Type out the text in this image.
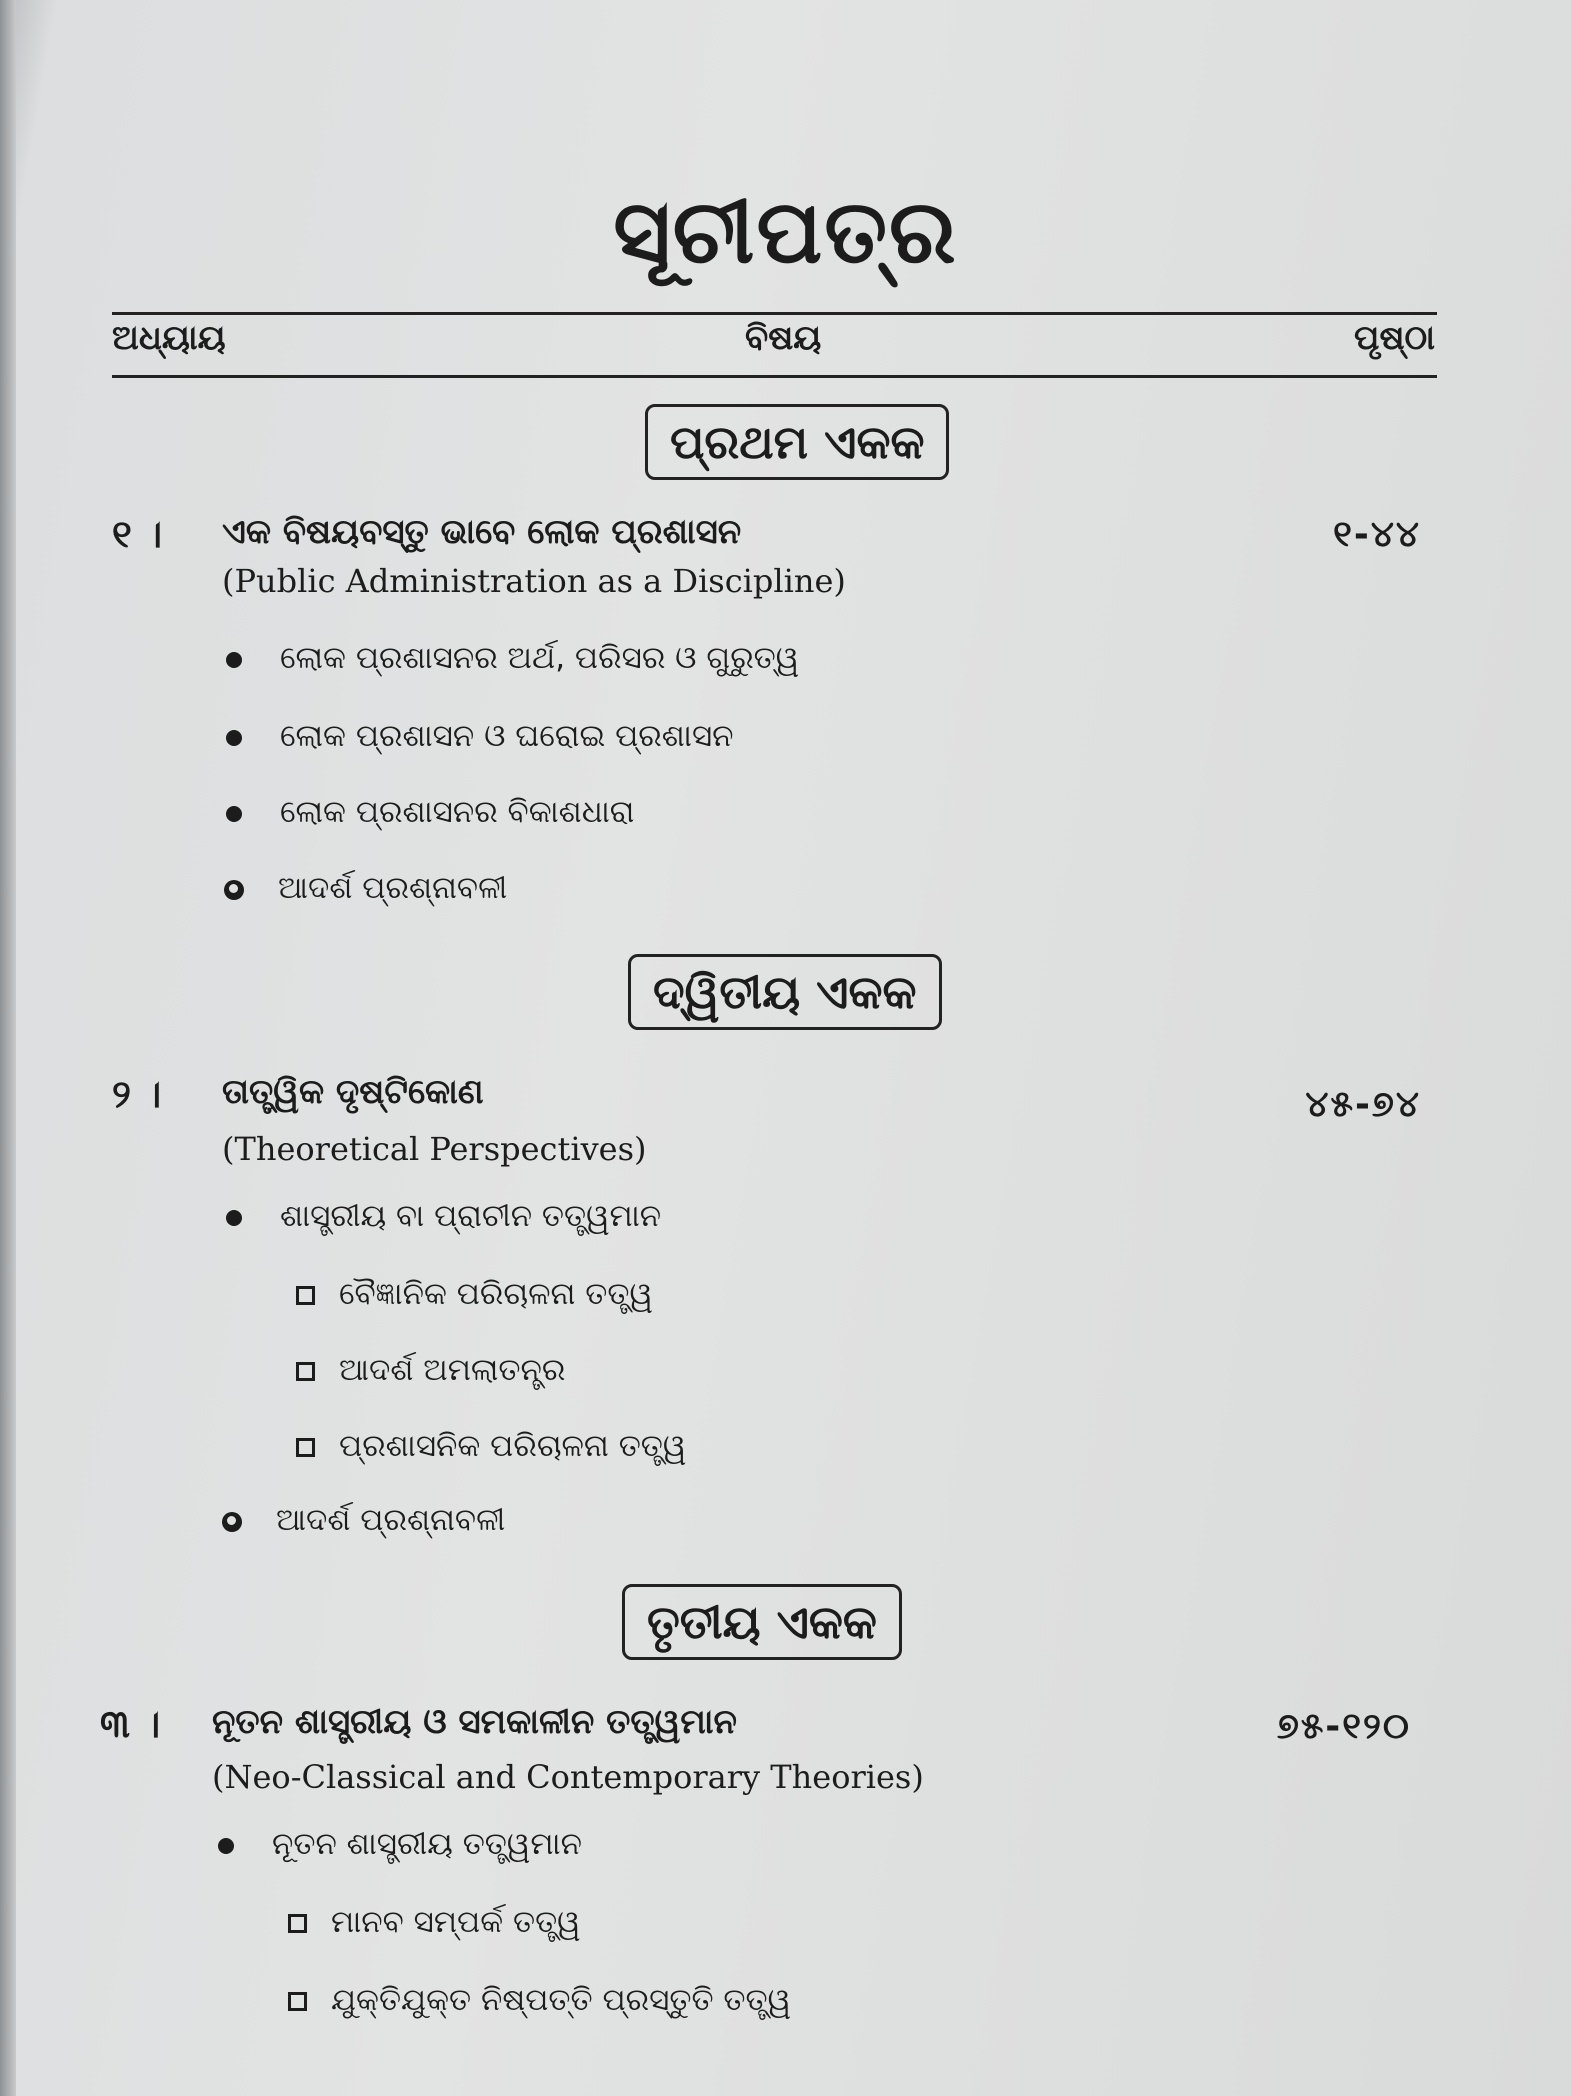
ସୂଚୀପତ୍ର
ଅଧ୍ୟାୟ	ବିଷୟ	ପୃଷ୍ଠା
ପ୍ରଥମ ଏକକ
୧ । ଏକ ବିଷୟବସ୍ତୁ ଭାବେ ଲୋକ ପ୍ରଶାସନ	୧-୪୪
(Public Administration as a Discipline)
ଲୋକ ପ୍ରଶାସନର ଅର୍ଥ, ପରିସର ଓ ଗୁରୁତ୍ୱ
ଲୋକ ପ୍ରଶାସନ ଓ ଘରୋଇ ପ୍ରଶାସନ
ଲୋକ ପ୍ରଶାସନର ବିକାଶଧାରା
ଆଦର୍ଶ ପ୍ରଶ୍ନାବଳୀ
ଦ୍ୱିତୀୟ ଏକକ
୨ । ତାତ୍ତ୍ୱିକ ଦୃଷ୍ଟିକୋଣ	୪୫-୭୪
(Theoretical Perspectives)
ଶାସ୍ତ୍ରୀୟ ବା ପ୍ରାଚୀନ ତତ୍ତ୍ୱମାନ
ବୈଜ୍ଞାନିକ ପରିଚାଳନା ତତ୍ତ୍ୱ
ଆଦର୍ଶ ଅମଲାତନ୍ତ୍ର
ପ୍ରଶାସନିକ ପରିଚାଳନା ତତ୍ତ୍ୱ
ଆଦର୍ଶ ପ୍ରଶ୍ନାବଳୀ
ତୃତୀୟ ଏକକ
୩ । ନୂତନ ଶାସ୍ତ୍ରୀୟ ଓ ସମକାଳୀନ ତତ୍ତ୍ୱମାନ	୭୫-୧୨୦
(Neo-Classical and Contemporary Theories)
ନୂତନ ଶାସ୍ତ୍ରୀୟ ତତ୍ତ୍ୱମାନ
ମାନବ ସମ୍ପର୍କ ତତ୍ତ୍ୱ
ଯୁକ୍ତିଯୁକ୍ତ ନିଷ୍ପତ୍ତି ପ୍ରସ୍ତୁତି ତତ୍ତ୍ୱ
